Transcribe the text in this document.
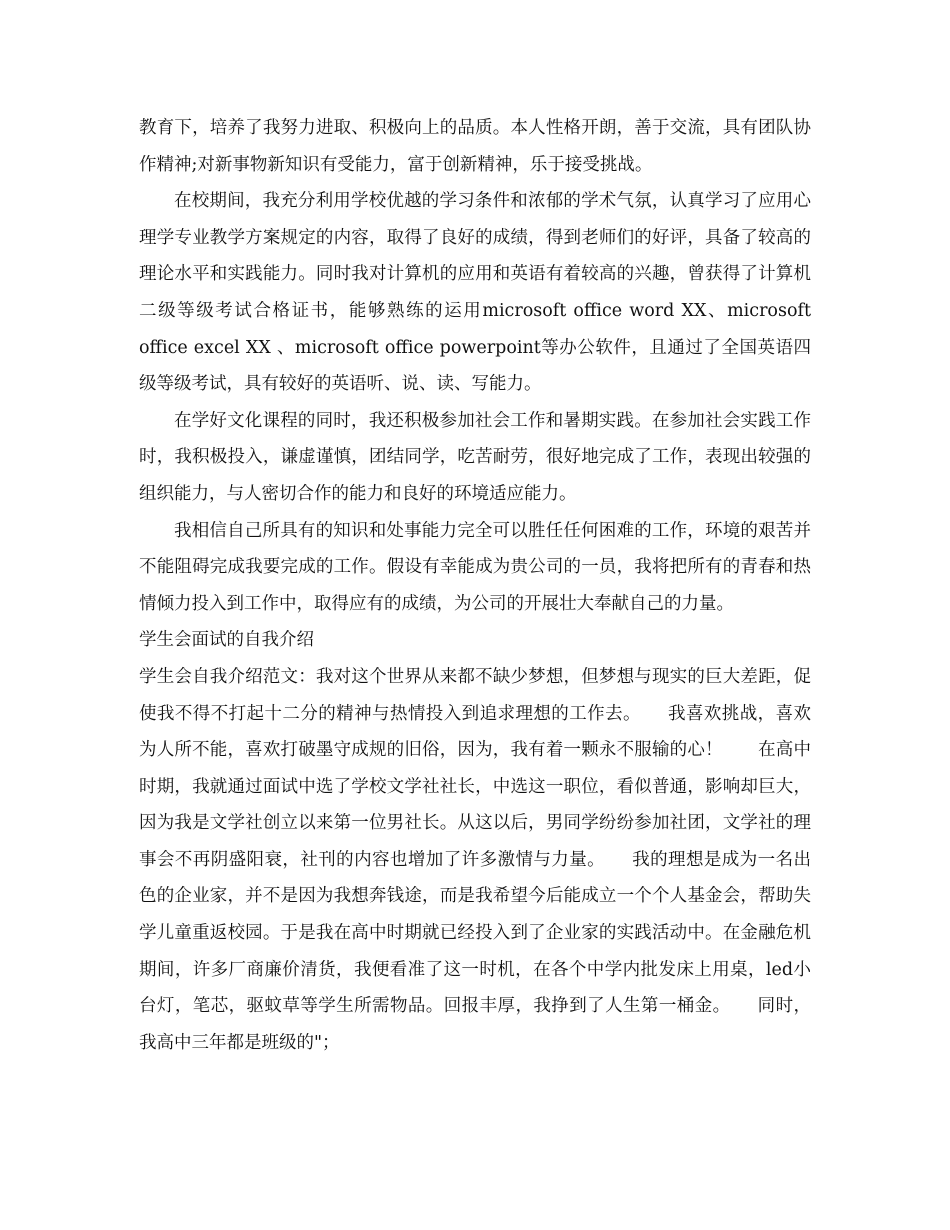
教育下，培养了我努力进取、积极向上的品质。本人性格开朗，善于交流，具有团队协作精神;对新事物新知识有受能力，富于创新精神，乐于接受挑战。

在校期间，我充分利用学校优越的学习条件和浓郁的学术气氛，认真学习了应用心理学专业教学方案规定的内容，取得了良好的成绩，得到老师们的好评，具备了较高的理论水平和实践能力。同时我对计算机的应用和英语有着较高的兴趣，曾获得了计算机二级等级考试合格证书，能够熟练的运用microsoft office word XX、microsoft office excel XX 、microsoft office powerpoint等办公软件，且通过了全国英语四级等级考试，具有较好的英语听、说、读、写能力。

在学好文化课程的同时，我还积极参加社会工作和暑期实践。在参加社会实践工作时，我积极投入，谦虚谨慎，团结同学，吃苦耐劳，很好地完成了工作，表现出较强的组织能力，与人密切合作的能力和良好的环境适应能力。

我相信自己所具有的知识和处事能力完全可以胜任任何困难的工作，环境的艰苦并不能阻碍完成我要完成的工作。假设有幸能成为贵公司的一员，我将把所有的青春和热情倾力投入到工作中，取得应有的成绩，为公司的开展壮大奉献自己的力量。

学生会面试的自我介绍

学生会自我介绍范文：我对这个世界从来都不缺少梦想，但梦想与现实的巨大差距，促使我不得不打起十二分的精神与热情投入到追求理想的工作去。　　我喜欢挑战，喜欢为人所不能，喜欢打破墨守成规的旧俗，因为，我有着一颗永不服输的心！　　在高中时期，我就通过面试中选了学校文学社社长，中选这一职位，看似普通，影响却巨大，因为我是文学社创立以来第一位男社长。从这以后，男同学纷纷参加社团，文学社的理事会不再阴盛阳衰，社刊的内容也增加了许多激情与力量。　　我的理想是成为一名出色的企业家，并不是因为我想奔钱途，而是我希望今后能成立一个个人基金会，帮助失学儿童重返校园。于是我在高中时期就已经投入到了企业家的实践活动中。在金融危机期间，许多厂商廉价清货，我便看准了这一时机，在各个中学内批发床上用桌，led小台灯，笔芯，驱蚊草等学生所需物品。回报丰厚，我挣到了人生第一桶金。　　同时，我高中三年都是班级的"；
